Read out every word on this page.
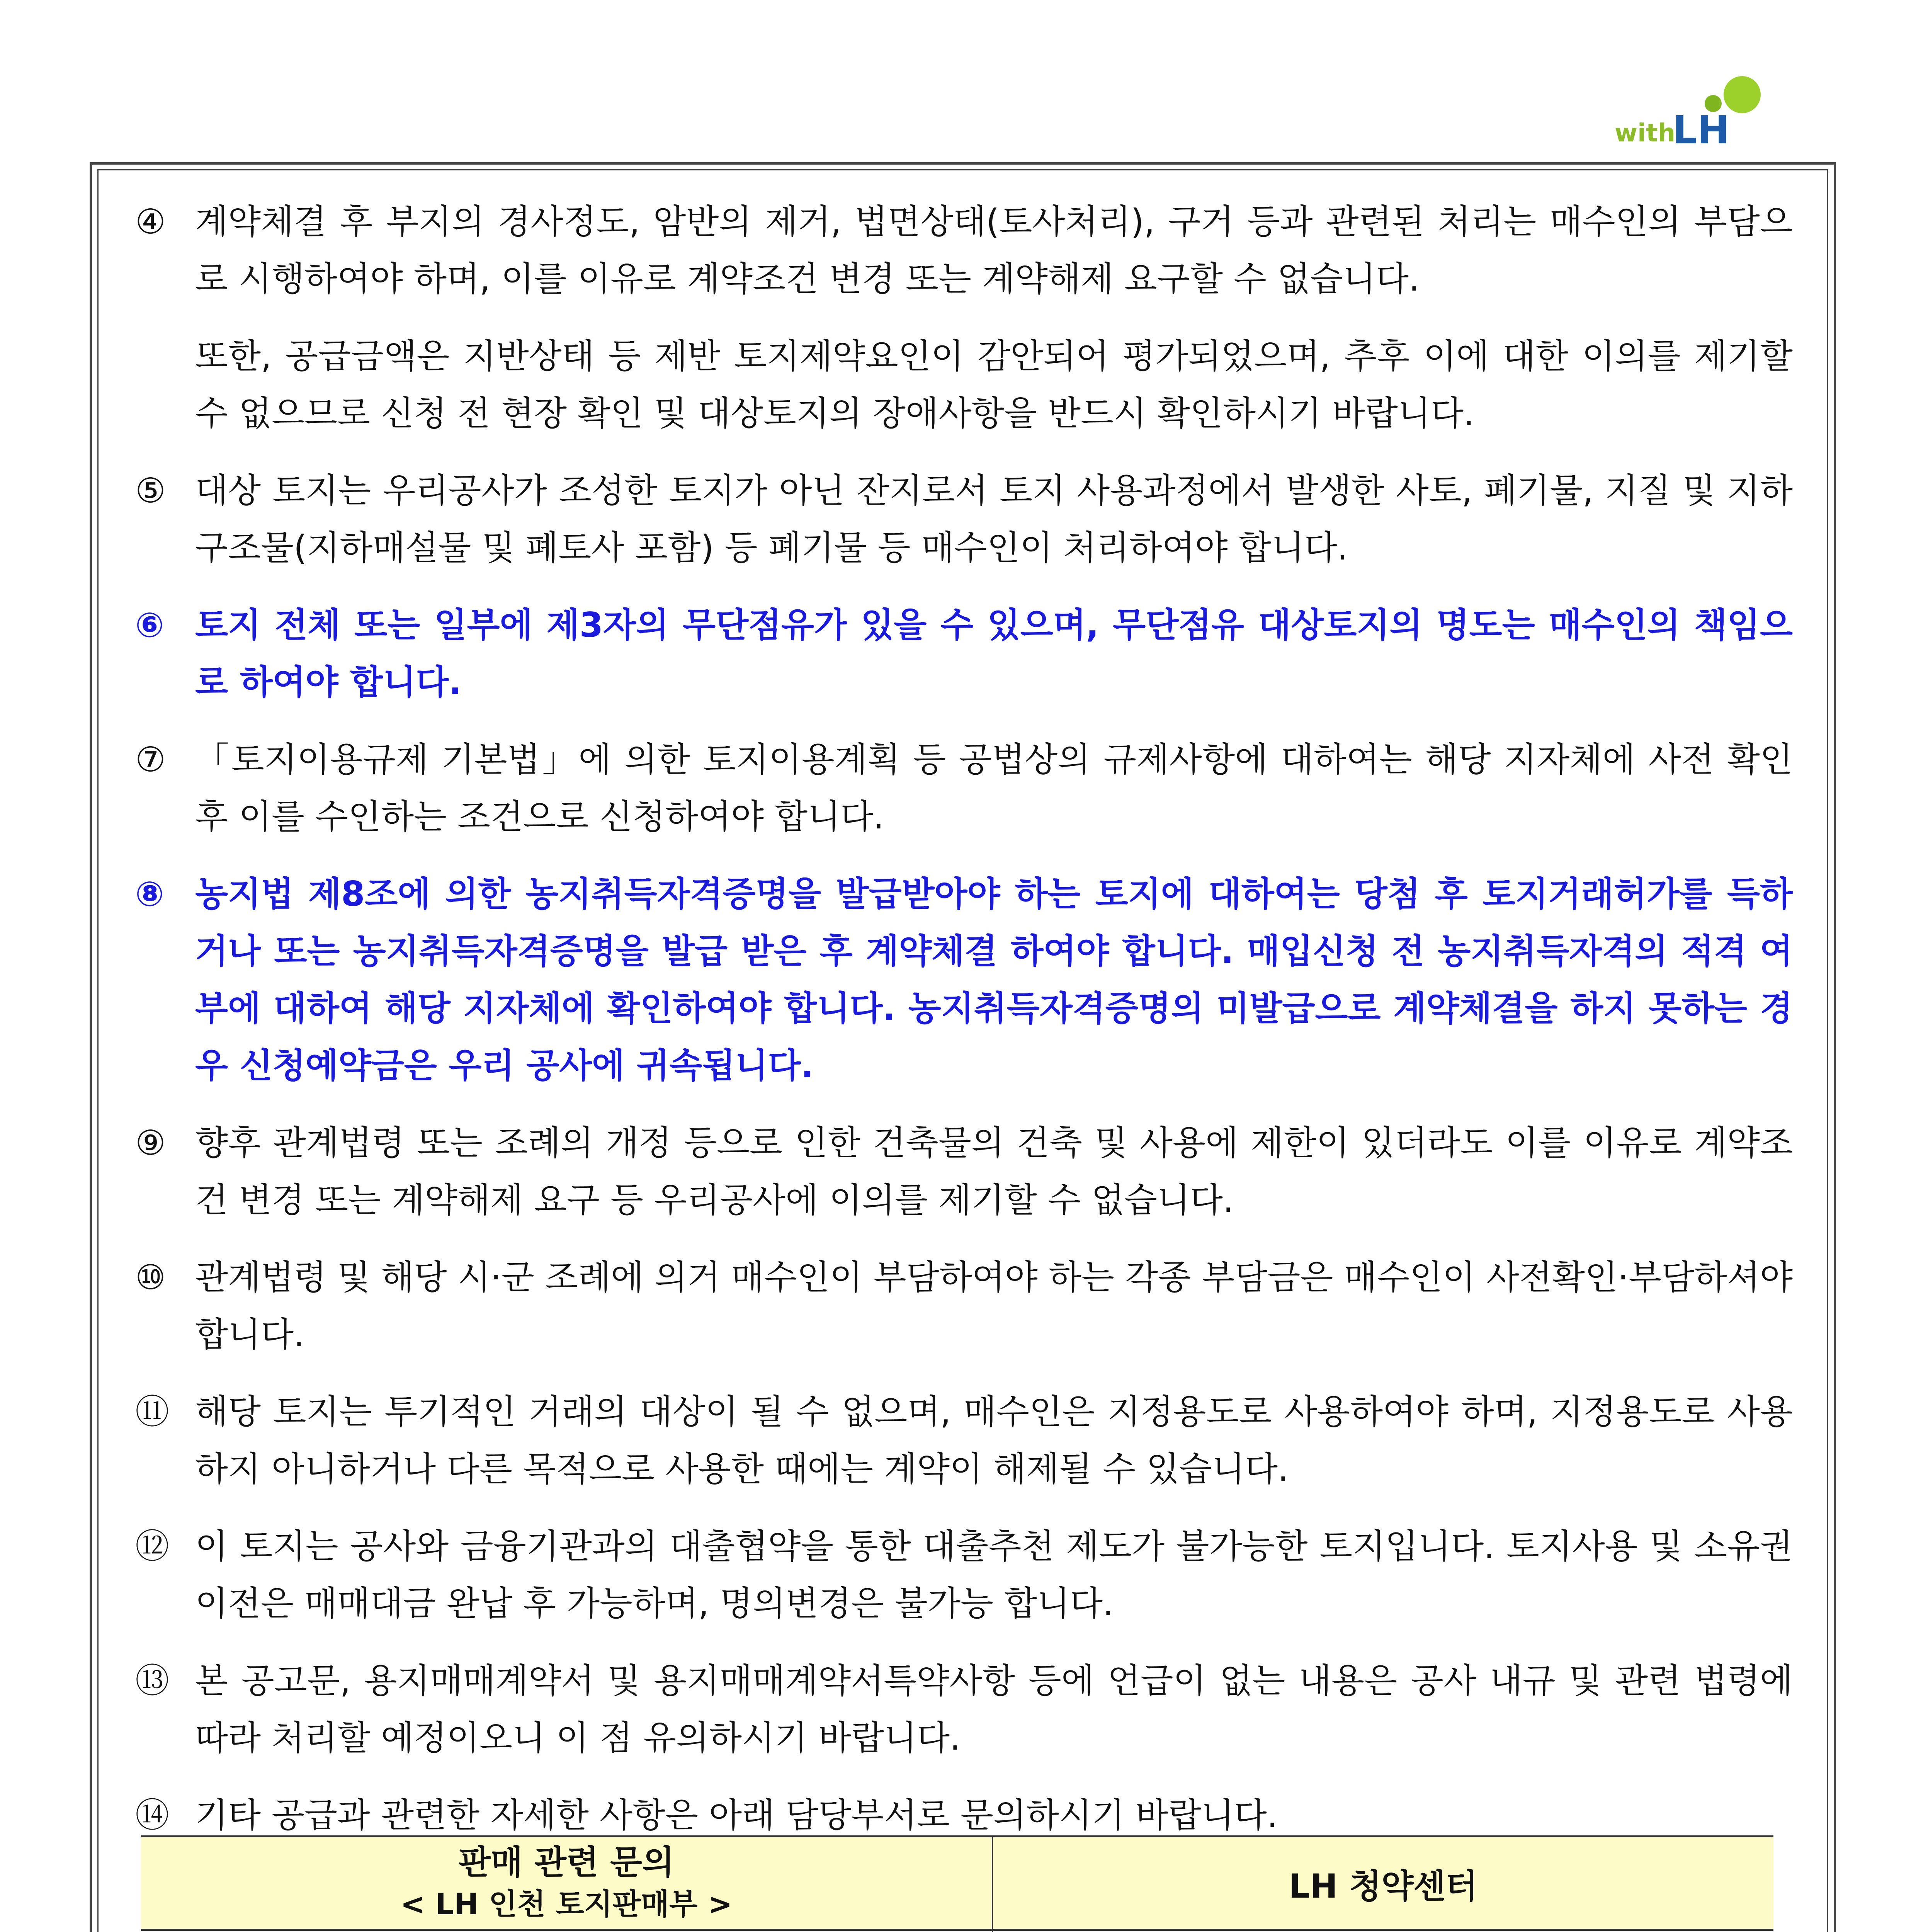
with
LH
④ 계약체결 후 부지의 경사정도, 암반의 제거, 법면상태(토사처리), 구거 등과 관련된 처리는 매수인의 부담으로 시행하여야 하며, 이를 이유로 계약조건 변경 또는 계약해제 요구할 수 없습니다.
또한, 공급금액은 지반상태 등 제반 토지제약요인이 감안되어 평가되었으며, 추후 이에 대한 이의를 제기할 수 없으므로 신청 전 현장 확인 및 대상토지의 장애사항을 반드시 확인하시기 바랍니다.
⑤ 대상 토지는 우리공사가 조성한 토지가 아닌 잔지로서 토지 사용과정에서 발생한 사토, 폐기물, 지질 및 지하구조물(지하매설물 및 폐토사 포함) 등 폐기물 등 매수인이 처리하여야 합니다.
⑥ 토지 전체 또는 일부에 제3자의 무단점유가 있을 수 있으며, 무단점유 대상토지의 명도는 매수인의 책임으로 하여야 합니다.
⑦ 「토지이용규제 기본법」에 의한 토지이용계획 등 공법상의 규제사항에 대하여는 해당 지자체에 사전 확인 후 이를 수인하는 조건으로 신청하여야 합니다.
⑧ 농지법 제8조에 의한 농지취득자격증명을 발급받아야 하는 토지에 대하여는 당첨 후 토지거래허가를 득하거나 또는 농지취득자격증명을 발급 받은 후 계약체결 하여야 합니다. 매입신청 전 농지취득자격의 적격 여부에 대하여 해당 지자체에 확인하여야 합니다. 농지취득자격증명의 미발급으로 계약체결을 하지 못하는 경우 신청예약금은 우리 공사에 귀속됩니다.
⑨ 향후 관계법령 또는 조례의 개정 등으로 인한 건축물의 건축 및 사용에 제한이 있더라도 이를 이유로 계약조건 변경 또는 계약해제 요구 등 우리공사에 이의를 제기할 수 없습니다.
⑩ 관계법령 및 해당 시·군 조례에 의거 매수인이 부담하여야 하는 각종 부담금은 매수인이 사전확인·부담하셔야 합니다.
⑪ 해당 토지는 투기적인 거래의 대상이 될 수 없으며, 매수인은 지정용도로 사용하여야 하며, 지정용도로 사용하지 아니하거나 다른 목적으로 사용한 때에는 계약이 해제될 수 있습니다.
⑫ 이 토지는 공사와 금융기관과의 대출협약을 통한 대출추천 제도가 불가능한 토지입니다. 토지사용 및 소유권이전은 매매대금 완납 후 가능하며, 명의변경은 불가능 합니다.
⑬ 본 공고문, 용지매매계약서 및 용지매매계약서특약사항 등에 언급이 없는 내용은 공사 내규 및 관련 법령에 따라 처리할 예정이오니 이 점 유의하시기 바랍니다.
⑭ 기타 공급과 관련한 자세한 사항은 아래 담당부서로 문의하시기 바랍니다.
판매 관련 문의
< LH 인천 토지판매부 >	LH 청약센터
